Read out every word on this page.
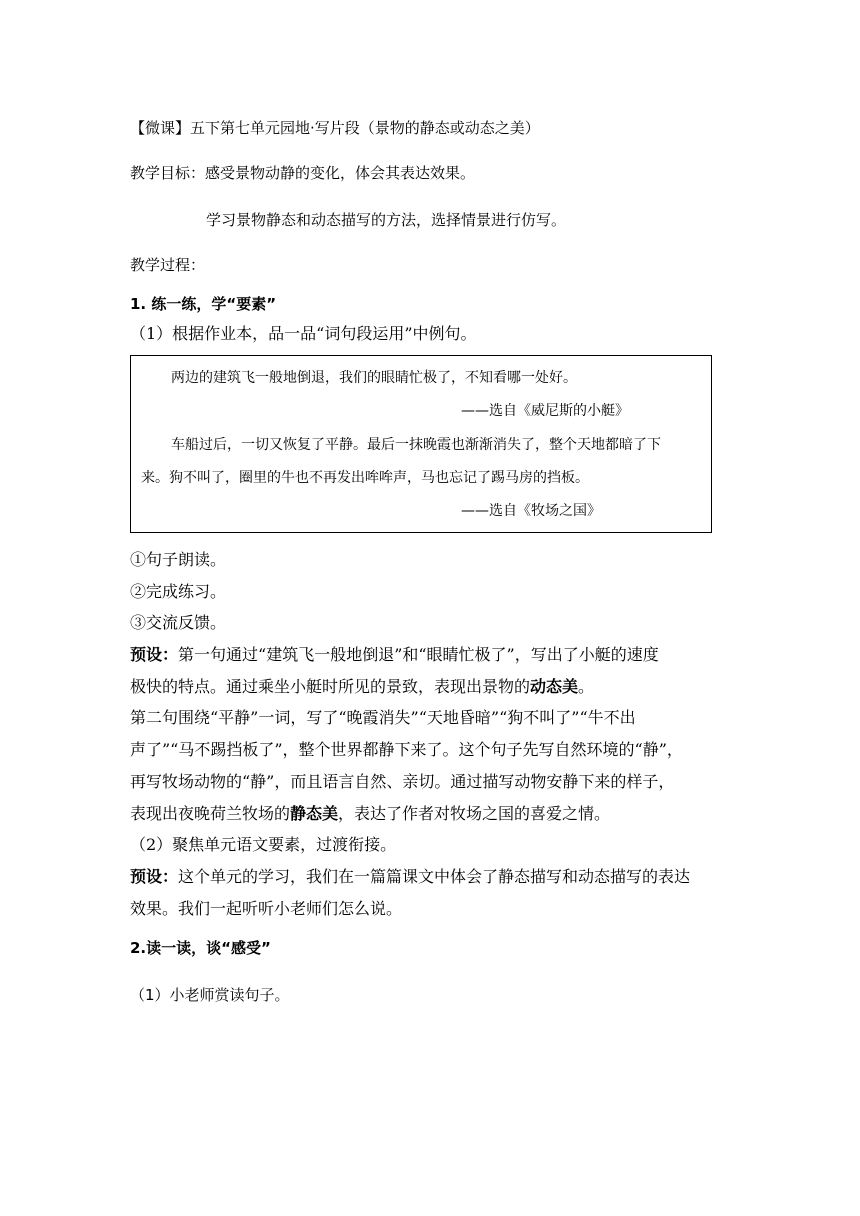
【微课】五下第七单元园地·写片段（景物的静态或动态之美）
教学目标：感受景物动静的变化，体会其表达效果。
学习景物静态和动态描写的方法，选择情景进行仿写。
教学过程：
1. 练一练，学“要素”
（1）根据作业本，品一品“词句段运用”中例句。
两边的建筑飞一般地倒退，我们的眼睛忙极了，不知看哪一处好。
——选自《威尼斯的小艇》
车船过后，一切又恢复了平静。最后一抹晚霞也渐渐消失了，整个天地都暗了下
来。狗不叫了，圈里的牛也不再发出哞哞声，马也忘记了踢马房的挡板。
——选自《牧场之国》
①句子朗读。
②完成练习。
③交流反馈。
预设：第一句通过“建筑飞一般地倒退”和“眼睛忙极了”，写出了小艇的速度
极快的特点。通过乘坐小艇时所见的景致，表现出景物的动态美。
第二句围绕“平静”一词，写了“晚霞消失”“天地昏暗”“狗不叫了”“牛不出
声了”“马不踢挡板了”，整个世界都静下来了。这个句子先写自然环境的“静”，
再写牧场动物的“静”，而且语言自然、亲切。通过描写动物安静下来的样子，
表现出夜晚荷兰牧场的静态美，表达了作者对牧场之国的喜爱之情。
（2）聚焦单元语文要素，过渡衔接。
预设：这个单元的学习，我们在一篇篇课文中体会了静态描写和动态描写的表达
效果。我们一起听听小老师们怎么说。
2.读一读，谈“感受”
（1）小老师赏读句子。
